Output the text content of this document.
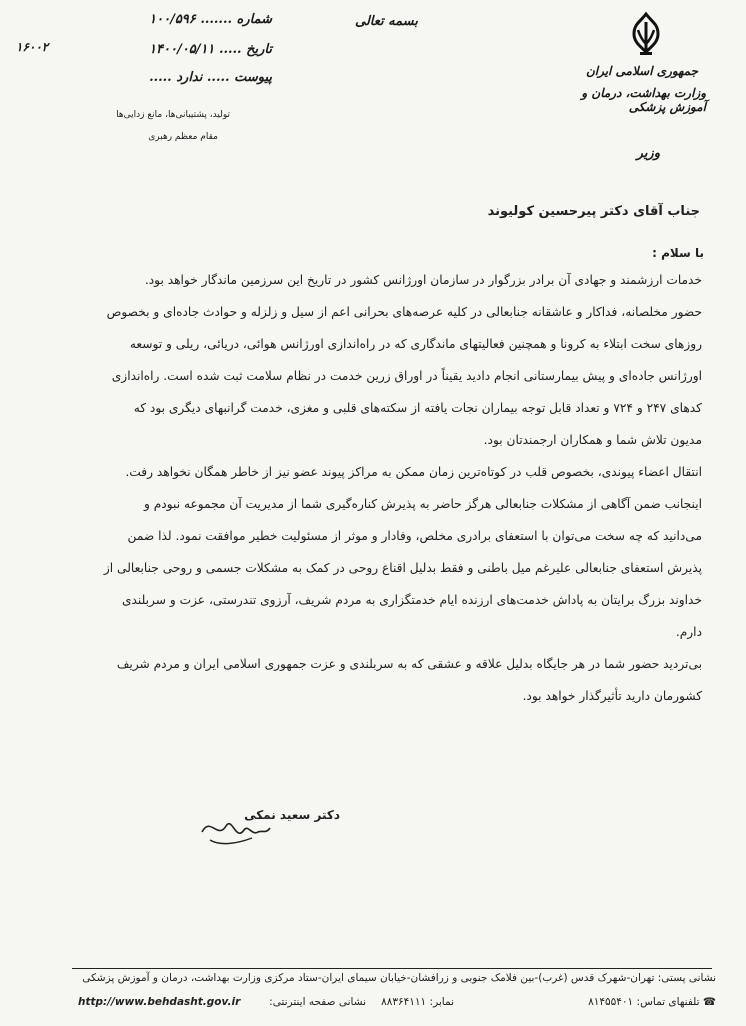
بسمه تعالی
جمهوری اسلامی ایران
وزارت بهداشت، درمان و آموزش پزشکی
وزیر
شماره ....... ۱۰۰/۵۹۶
تاریخ ..... ۱۴۰۰/۰۵/۱۱
پیوست ..... ندارد .....
۱۶۰۰۲
تولید، پشتیبانی‌ها، مانع زدایی‌ها
مقام معظم رهبری
جناب آقای دکتر پیرحسین کولیوند
با سلام :

خدمات ارزشمند و جهادی آن برادر بزرگوار در سازمان اورژانس کشور در تاریخ این سرزمین ماندگار خواهد بود.

حضور مخلصانه، فداکار و عاشقانه جنابعالی در کلیه عرصه‌های بحرانی اعم از سیل و زلزله و حوادث جاده‌ای و بخصوص روزهای سخت ابتلاء به کرونا و همچنین فعالیتهای ماندگاری که در راه‌اندازی اورژانس هوائی، دریائی، ریلی و توسعه اورژانس جاده‌ای و پیش بیمارستانی انجام دادید یقیناً در اوراق زرین خدمت در نظام سلامت ثبت شده است. راه‌اندازی کدهای ۲۴۷ و ۷۲۴ و تعداد قابل توجه بیماران نجات یافته از سکته‌های قلبی و مغزی، خدمت گرانبهای دیگری بود که مدیون تلاش شما و همکاران ارجمندتان بود.

انتقال اعضاء پیوندی، بخصوص قلب در کوتاه‌ترین زمان ممکن به مراکز پیوند عضو نیز از خاطر همگان نخواهد رفت.

اینجانب ضمن آگاهی از مشکلات جنابعالی هرگز حاضر به پذیرش کناره‌گیری شما از مدیریت آن مجموعه نبودم و می‌دانید که چه سخت می‌توان با استعفای برادری مخلص، وفادار و موثر از مسئولیت خطیر موافقت نمود. لذا ضمن پذیرش استعفای جنابعالی علیرغم میل باطنی و فقط بدلیل اقناع روحی در کمک به مشکلات جسمی و روحی جنابعالی از خداوند بزرگ برایتان به پاداش خدمت‌های ارزنده ایام خدمتگزاری به مردم شریف، آرزوی تندرستی، عزت و سربلندی دارم.

بی‌تردید حضور شما در هر جایگاه بدلیل علاقه و عشقی که به سربلندی و عزت جمهوری اسلامی ایران و مردم شریف کشورمان دارید تأثیرگذار خواهد بود.

دکتر سعید نمکی
نشانی پستی: تهران-شهرک قدس (غرب)-بین فلامک جنوبی و زرافشان-خیابان سیمای ایران-ستاد مرکزی وزارت بهداشت، درمان و آموزش پزشکی
☎ تلفنهای تماس: ۸۱۴۵۵۴۰۱
نمابر: ۸۸۳۶۴۱۱۱
نشانی صفحه اینترنتی:
http://www.behdasht.gov.ir
